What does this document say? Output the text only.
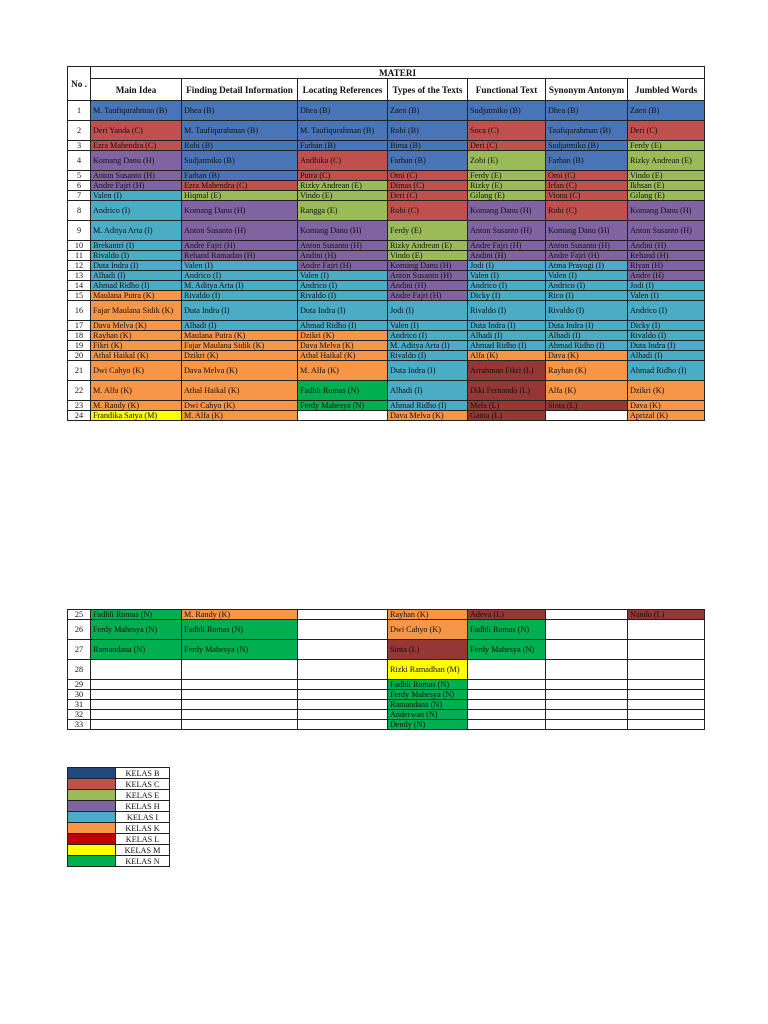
No .	MATERI						
	Main Idea	Finding Detail Information	Locating References	Types of the Texts	Functional Text	Synonym Antonym	Jumbled Words
1	M. Taufiqurahman (B)	Dhea (B)	Dhea (B)	Zaen (B)	Sudjatmiko (B)	Dhea (B)	Zaen (B)
2	Deri Yanda (C)	M. Taufiqurahman (B)	M. Taufiqurahman (B)	Robi (B)	Soca (C)	Taufiqurahman (B)	Deri (C)
3	Ezra Mahendra (C)	Robi (B)	Farhan (B)	Bima (B)	Deri (C)	Sudjatmiko (B)	Ferdy (E)
4	Komang Danu (H)	Sudjatmiko (B)	Andhika (C)	Farhan (B)	Zobi (E)	Farhan (B)	Rizky Andrean (E)
5	Anton Susanto (H)	Farhan (B)	Putra (C)	Omi (C)	Ferdy (E)	Omi (C)	Vindo (E)
6	Andre Fajri (H)	Ezra Mahendra (C)	Rizky Andrean (E)	Dimas (C)	Rizky (E)	Irfan (C)	Ikhsan (E)
7	Valen (I)	Hiqmal (E)	Vindo (E)	Deri (C)	Gilang (E)	Viona (C)	Gilang (E)
8	Andrico (I)	Komang Danu (H)	Rangga (E)	Robi (C)	Komang Danu (H)	Robi (C)	Komang Danu (H)
9	M. Aditya Arta (I)	Anton Susanto (H)	Komang Danu (H)	Ferdy (E)	Anton Susanto (H)	Komang Danu (H)	Anton Susanto (H)
10	Brekantri (I)	Andre Fajri (H)	Anton Susanto (H)	Rizky Andrean (E)	Andre Fajri (H)	Anton Susanto (H)	Andini (H)
11	Rivaldo (I)	Rehand Ramadan (H)	Andini (H)	Vindo (E)	Andini (H)	Andre Fajri (H)	Rehand (H)
12	Duta Indra (I)	Valen (I)	Andre Fajri (H)	Komang Danu (H)	Jodi (I)	Atma Prayogi (I)	Riyan (H)
13	Alhadi (I)	Andrico (I)	Valen (I)	Anton Susanto (H)	Valen (I)	Valen (I)	Andre (H)
14	Ahmad Ridho (I)	M. Aditya Arta (I)	Andrico (I)	Andini (H)	Andrico (I)	Andrico (I)	Jodi (I)
15	Maulana Putra (K)	Rivaldo (I)	Rivaldo (I)	Andre Fajri (H)	Dicky (I)	Rico (I)	Valen (I)
16	Fajar Maulana Sidik (K)	Duta Indra (I)	Duta Indra (I)	Jodi (I)	Rivaldo (I)	Rivaldo (I)	Andrico (I)
17	Dava Melva (K)	Alhadi (I)	Ahmad Ridho (I)	Valen (I)	Duta Indra (I)	Duta Indra (I)	Dicky (I)
18	Rayhan (K)	Maulana Putra (K)	Dzikri (K)	Andrico (I)	Alhadi (I)	Alhadi (I)	Rivaldo (I)
19	Fikri (K)	Fajar Maulana Sidik (K)	Dava Melva (K)	M. Aditya Arta (I)	Ahmad Ridho (I)	Ahmad Ridho (I)	Duta Indra (I)
20	Athal Haikal (K)	Dzikri (K)	Athal Haikal (K)	Rivaldo (I)	Alfa (K)	Dava (K)	Alhadi (I)
21	Dwi Cahyo (K)	Dava Melva (K)	M. Alfa (K)	Duta Indra (I)	Arrahman Fikri (L)	Rayhan (K)	Ahmad Ridho (I)
22	M. Alfa (K)	Athal Haikal (K)	Fadhli Romas (N)	Alhadi (I)	Diki Fernando (L)	Alfa (K)	Dzikri (K)
23	M. Randy (K)	Dwi Cahyo (K)	Ferdy Mahesya (N)	Ahmad Ridho (I)	Mela (L)	Sinta (L)	Dava (K)
24	Frandika Satya (M)	M. Alfa (K)		Dava Melva (K)	Ganta (L)		Aprizal (K)
25	Fadhli Romas (N)	M. Randy (K)		Rayhan (K)	Adeva (L)		Nando (L)
26	Ferdy Mahesya (N)	Fadhli Romas (N)		Dwi Cahyo (K)	Fadhli Romas (N)		
27	Ramandana (N)	Ferdy Mahesya (N)		Sinta (L)	Ferdy Mahesya (N)		
28				Rizki Ramadhan (M)			
29				Fadhli Romas (N)			
30				Ferdy Mahesya (N)			
31				Ramandana (N)			
32				Anderwan (N)			
33				Dendy (N)			
	KELAS B
	KELAS C
	KELAS E
	KELAS H
	KELAS I
	KELAS K
	KELAS L
	KELAS M
	KELAS N
